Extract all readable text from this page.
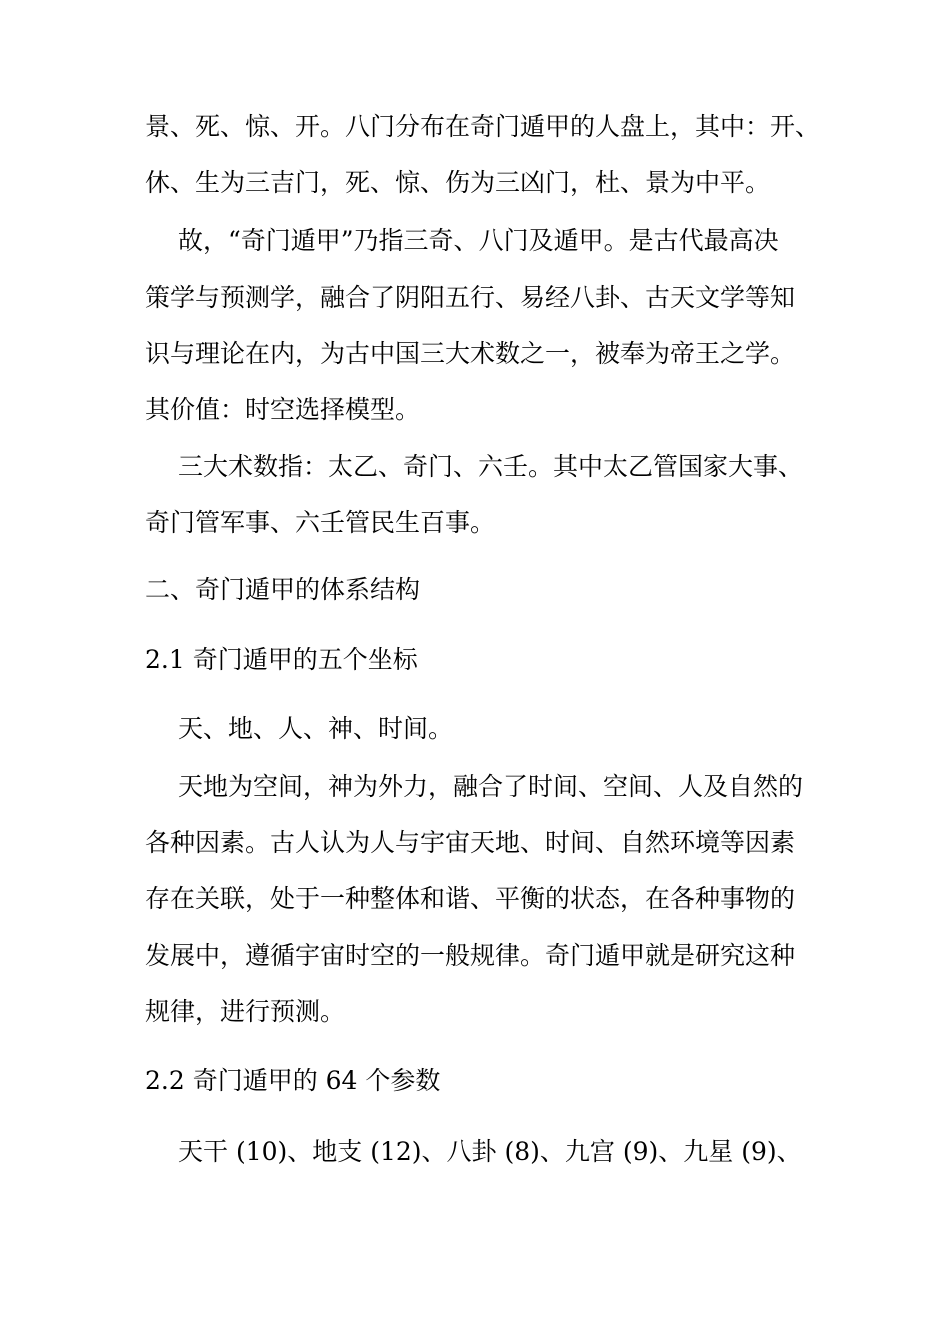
景、死、惊、开。八门分布在奇门遁甲的人盘上，其中：开、
休、生为三吉门，死、惊、伤为三凶门，杜、景为中平。
故，“奇门遁甲”乃指三奇、八门及遁甲。是古代最高决
策学与预测学，融合了阴阳五行、易经八卦、古天文学等知
识与理论在内，为古中国三大术数之一，被奉为帝王之学。
其价值：时空选择模型。
三大术数指：太乙、奇门、六壬。其中太乙管国家大事、
奇门管军事、六壬管民生百事。
二、奇门遁甲的体系结构
2.1 奇门遁甲的五个坐标
天、地、人、神、时间。
天地为空间，神为外力，融合了时间、空间、人及自然的
各种因素。古人认为人与宇宙天地、时间、自然环境等因素
存在关联，处于一种整体和谐、平衡的状态，在各种事物的
发展中，遵循宇宙时空的一般规律。奇门遁甲就是研究这种
规律，进行预测。
2.2 奇门遁甲的 64 个参数
天干 (10)、地支 (12)、八卦 (8)、九宫 (9)、九星 (9)、
